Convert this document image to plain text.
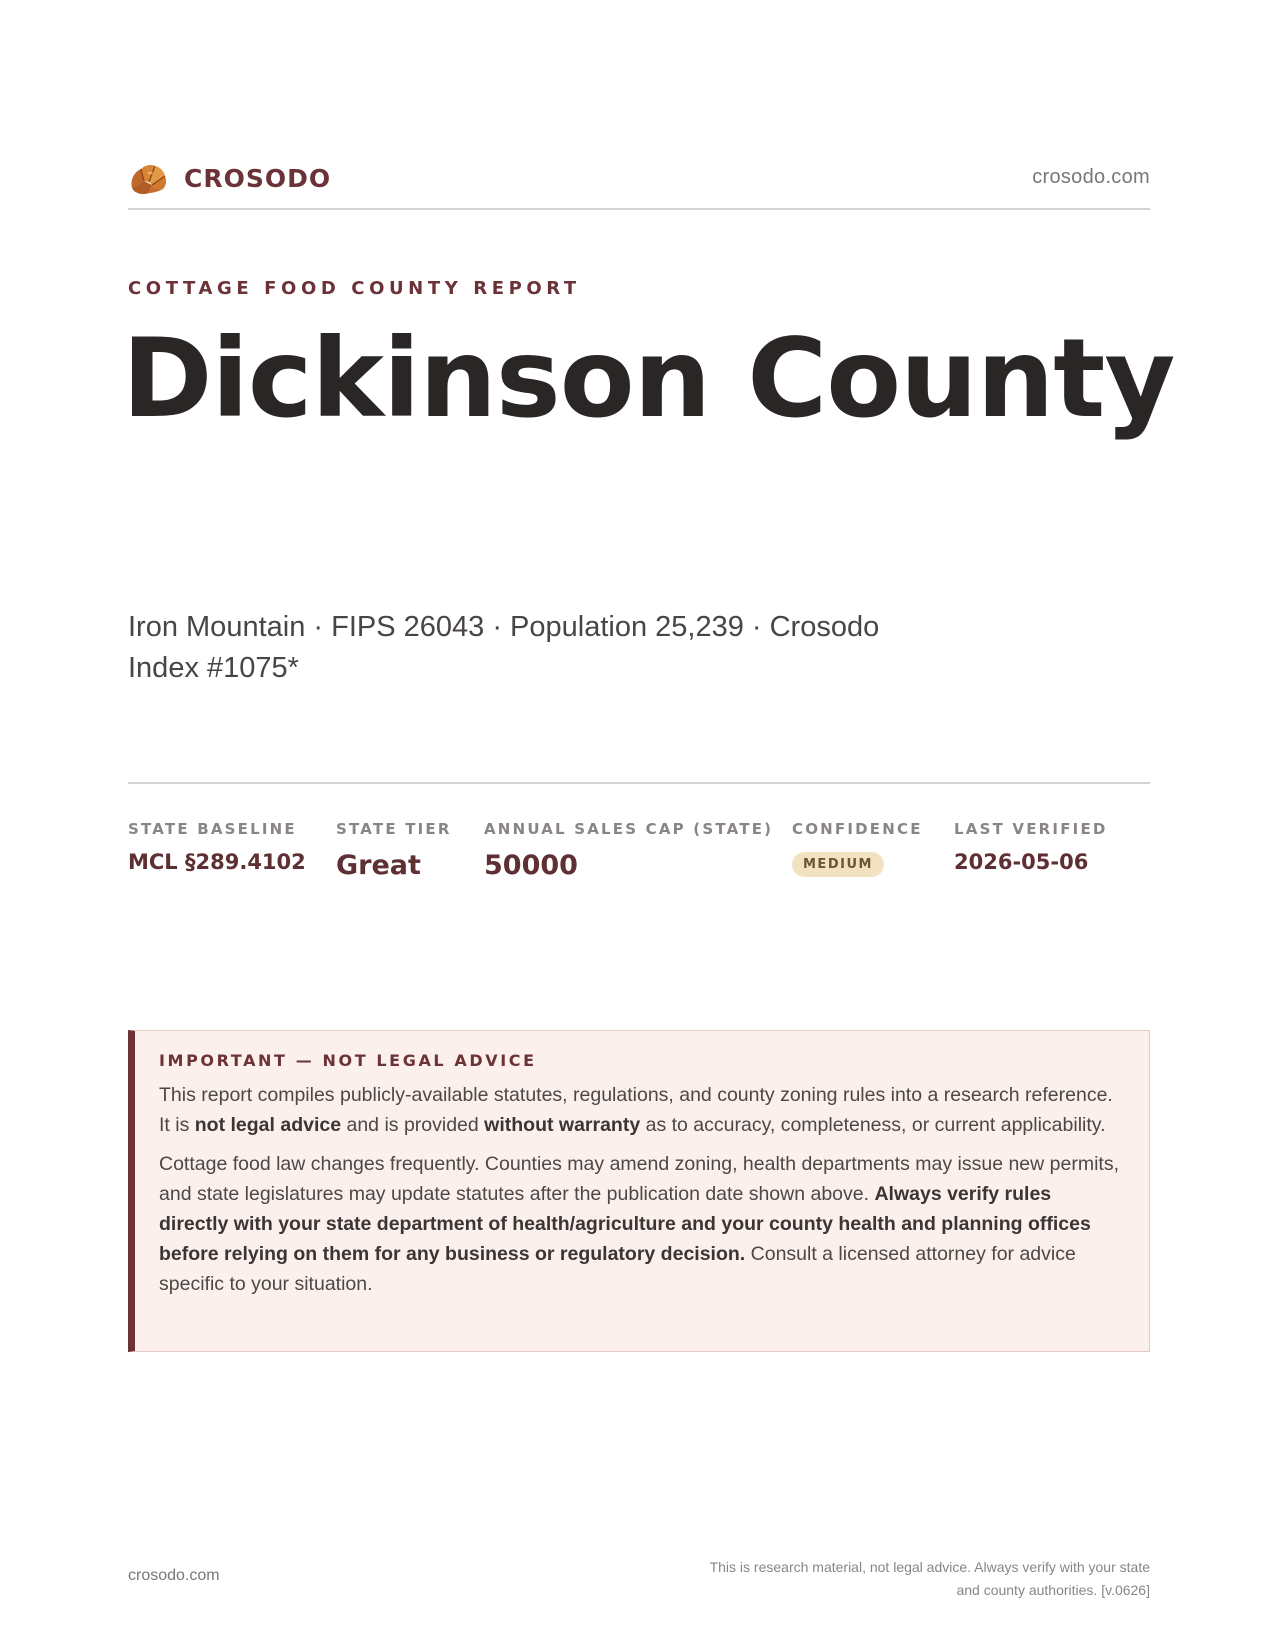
CROSODO	crosodo.com
COTTAGE FOOD COUNTY REPORT
Dickinson County
Iron Mountain · FIPS 26043 · Population 25,239 · Crosodo Index #1075*
STATE BASELINE
MCL §289.4102
STATE TIER
Great
ANNUAL SALES CAP (STATE)
50000
CONFIDENCE
MEDIUM
LAST VERIFIED
2026-05-06
IMPORTANT — NOT LEGAL ADVICE

This report compiles publicly-available statutes, regulations, and county zoning rules into a research reference. It is not legal advice and is provided without warranty as to accuracy, completeness, or current applicability.

Cottage food law changes frequently. Counties may amend zoning, health departments may issue new permits, and state legislatures may update statutes after the publication date shown above. Always verify rules directly with your state department of health/agriculture and your county health and planning offices before relying on them for any business or regulatory decision. Consult a licensed attorney for advice specific to your situation.

crosodo.com	This is research material, not legal advice. Always verify with your state
and county authorities. [v.0626]
